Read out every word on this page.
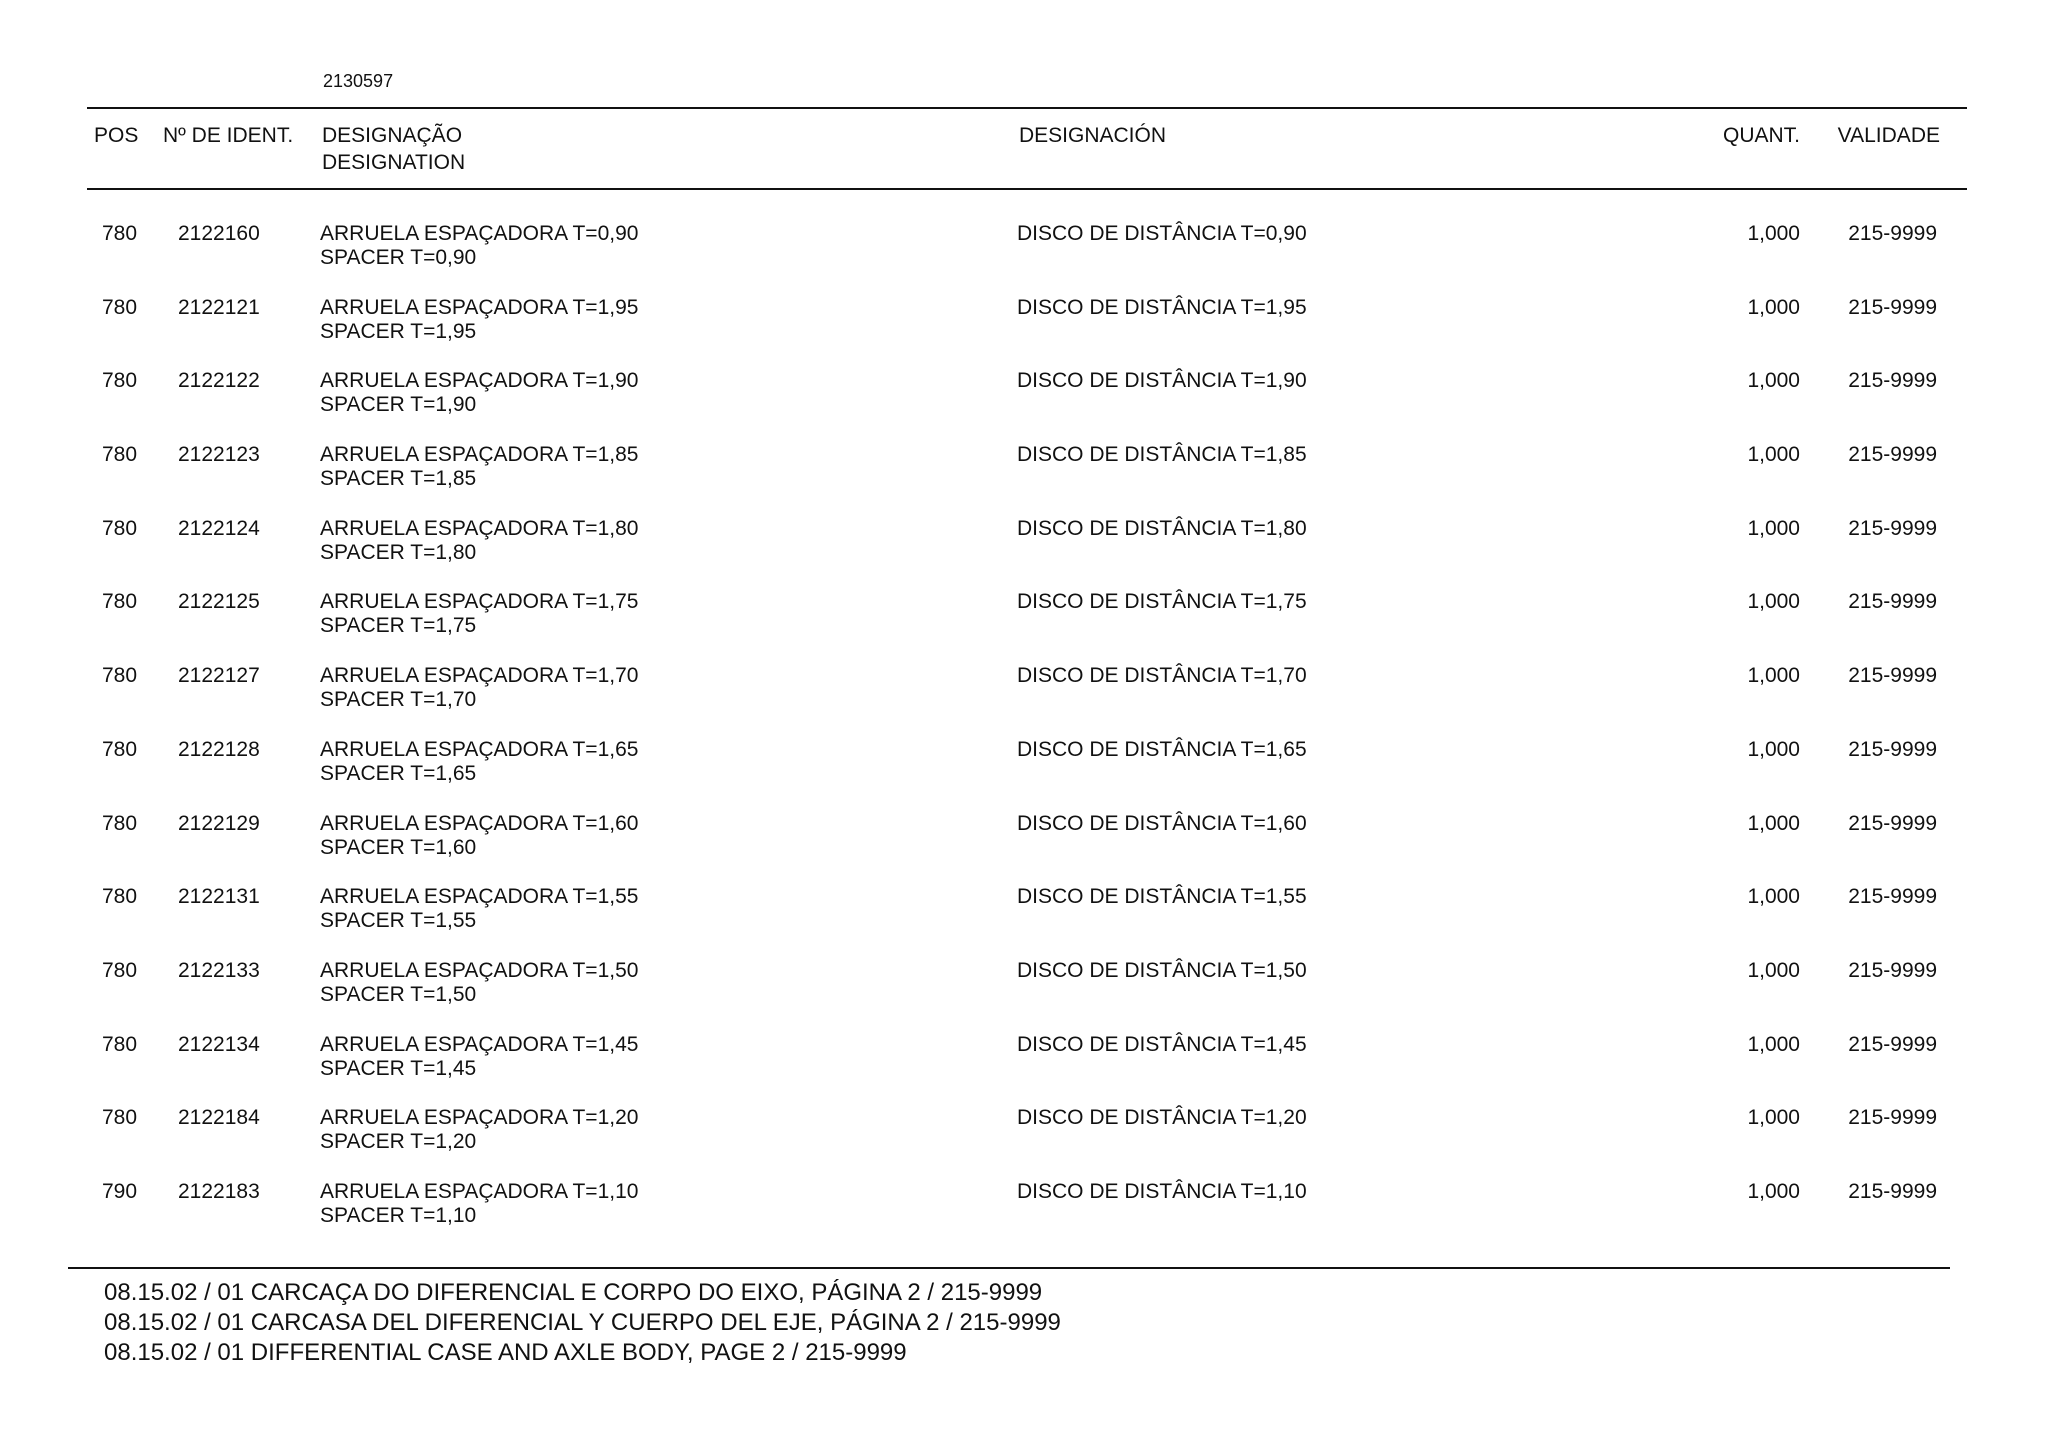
2130597
POS Nº DE IDENT. DESIGNAÇÃO
DESIGNATION
DESIGNACIÓN	QUANT. VALIDADE
780 2122160	ARRUELA ESPAÇADORA T=0,90
SPACER T=0,90
DISCO DE DISTÂNCIA T=0,90	1,000 215-9999
780 2122121	ARRUELA ESPAÇADORA T=1,95
SPACER T=1,95
DISCO DE DISTÂNCIA T=1,95	1,000 215-9999
780 2122122	ARRUELA ESPAÇADORA T=1,90
SPACER T=1,90
DISCO DE DISTÂNCIA T=1,90	1,000 215-9999
780 2122123	ARRUELA ESPAÇADORA T=1,85
SPACER T=1,85
DISCO DE DISTÂNCIA T=1,85	1,000 215-9999
780 2122124	ARRUELA ESPAÇADORA T=1,80
SPACER T=1,80
DISCO DE DISTÂNCIA T=1,80	1,000 215-9999
780 2122125	ARRUELA ESPAÇADORA T=1,75
SPACER T=1,75
DISCO DE DISTÂNCIA T=1,75	1,000 215-9999
780 2122127	ARRUELA ESPAÇADORA T=1,70
SPACER T=1,70
DISCO DE DISTÂNCIA T=1,70	1,000 215-9999
780 2122128	ARRUELA ESPAÇADORA T=1,65
SPACER T=1,65
DISCO DE DISTÂNCIA T=1,65	1,000 215-9999
780 2122129	ARRUELA ESPAÇADORA T=1,60
SPACER T=1,60
DISCO DE DISTÂNCIA T=1,60	1,000 215-9999
780 2122131	ARRUELA ESPAÇADORA T=1,55
SPACER T=1,55
DISCO DE DISTÂNCIA T=1,55	1,000 215-9999
780 2122133	ARRUELA ESPAÇADORA T=1,50
SPACER T=1,50
DISCO DE DISTÂNCIA T=1,50	1,000 215-9999
780 2122134	ARRUELA ESPAÇADORA T=1,45
SPACER T=1,45
DISCO DE DISTÂNCIA T=1,45	1,000 215-9999
780 2122184	ARRUELA ESPAÇADORA T=1,20
SPACER T=1,20
DISCO DE DISTÂNCIA T=1,20	1,000 215-9999
790 2122183	ARRUELA ESPAÇADORA T=1,10
SPACER T=1,10
DISCO DE DISTÂNCIA T=1,10	1,000 215-9999
08.15.02 / 01 CARCAÇA DO DIFERENCIAL E CORPO DO EIXO, PÁGINA 2 / 215-9999
08.15.02 / 01 CARCASA DEL DIFERENCIAL Y CUERPO DEL EJE, PÁGINA 2 / 215-9999
08.15.02 / 01 DIFFERENTIAL CASE AND AXLE BODY, PAGE 2 / 215-9999
